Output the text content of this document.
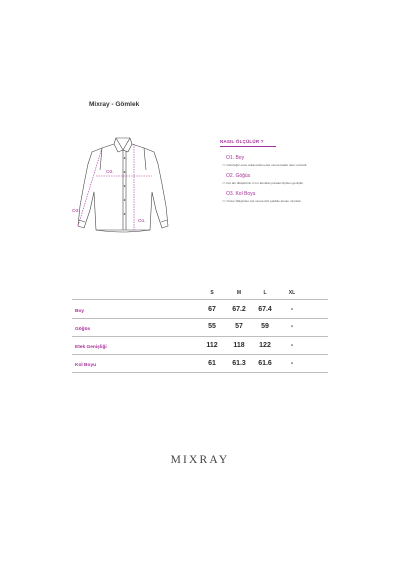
Mixray - Gömlek
O2.
O3.
O1.
NASIL ÖLÇÜLÜR ?
O1. Boy
<> Gömleğin ense arkasından etek ucuna kadar olan uzunluk.
O2. Göğüs
<> Kol altı dikişlerinin 2 cm altından paralel ölçülen genişlik.
O3. Kol Boyu
<> Omuz dikişinden kol ucuna düz şekilde alınan uzunluk.
S	M	L	XL
Boy	67	67.2	67.4	-
Göğüs	55	57	59	-
Etek Genişliği	112	118	122	-
Kol Boyu	61	61.3	61.6	-
MIXRAY
